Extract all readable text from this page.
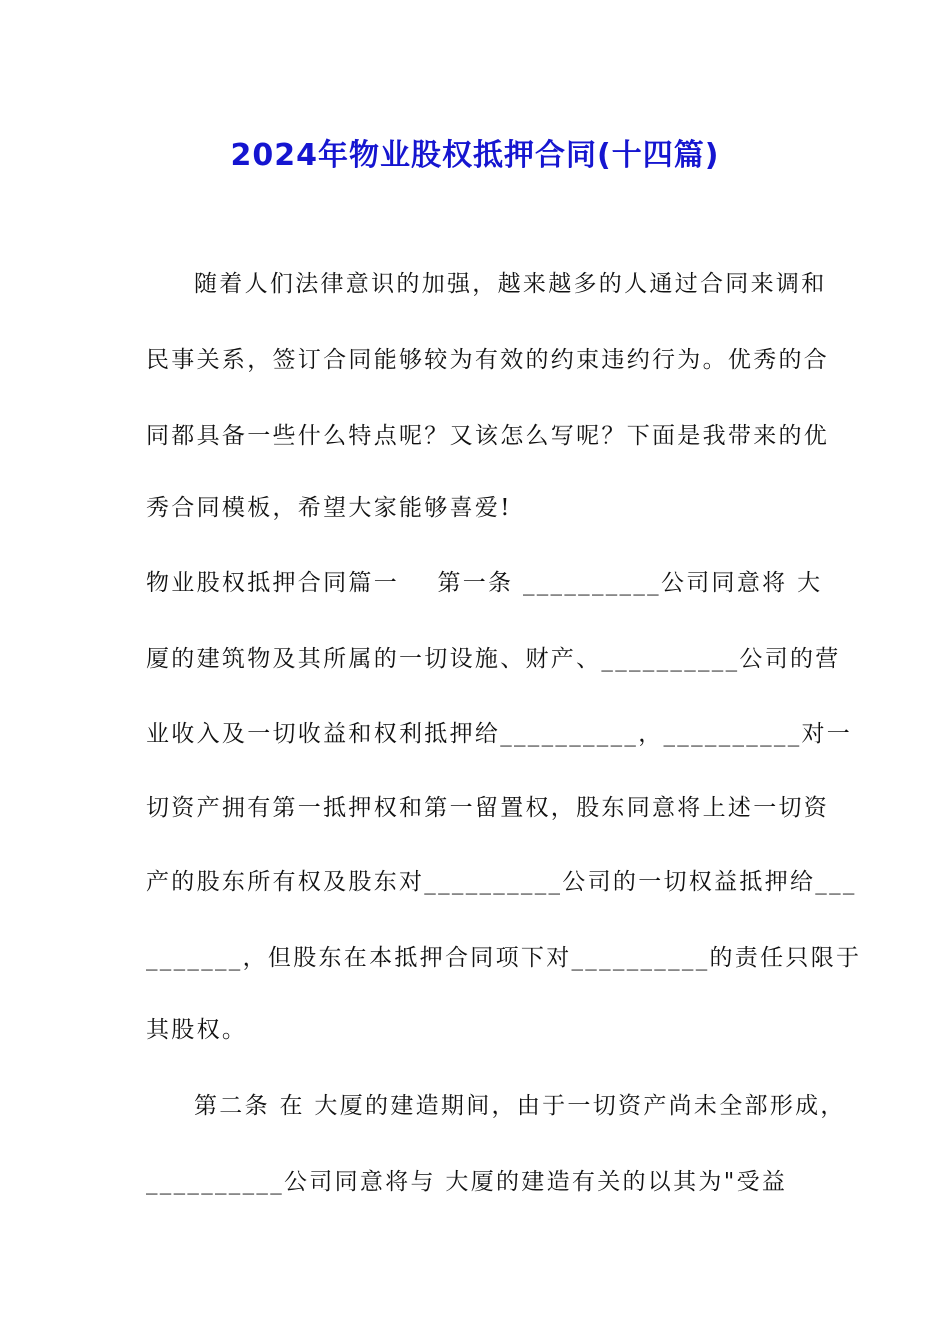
2024年物业股权抵押合同(十四篇)
随着人们法律意识的加强，越来越多的人通过合同来调和
民事关系，签订合同能够较为有效的约束违约行为。优秀的合
同都具备一些什么特点呢？又该怎么写呢？下面是我带来的优
秀合同模板，希望大家能够喜爱!
物业股权抵押合同篇一    第一条 __________公司同意将 大
厦的建筑物及其所属的一切设施、财产、__________公司的营
业收入及一切收益和权利抵押给__________，__________对一
切资产拥有第一抵押权和第一留置权，股东同意将上述一切资
产的股东所有权及股东对__________公司的一切权益抵押给___
_______，但股东在本抵押合同项下对__________的责任只限于
其股权。
第二条 在 大厦的建造期间，由于一切资产尚未全部形成，
__________公司同意将与 大厦的建造有关的以其为"受益
